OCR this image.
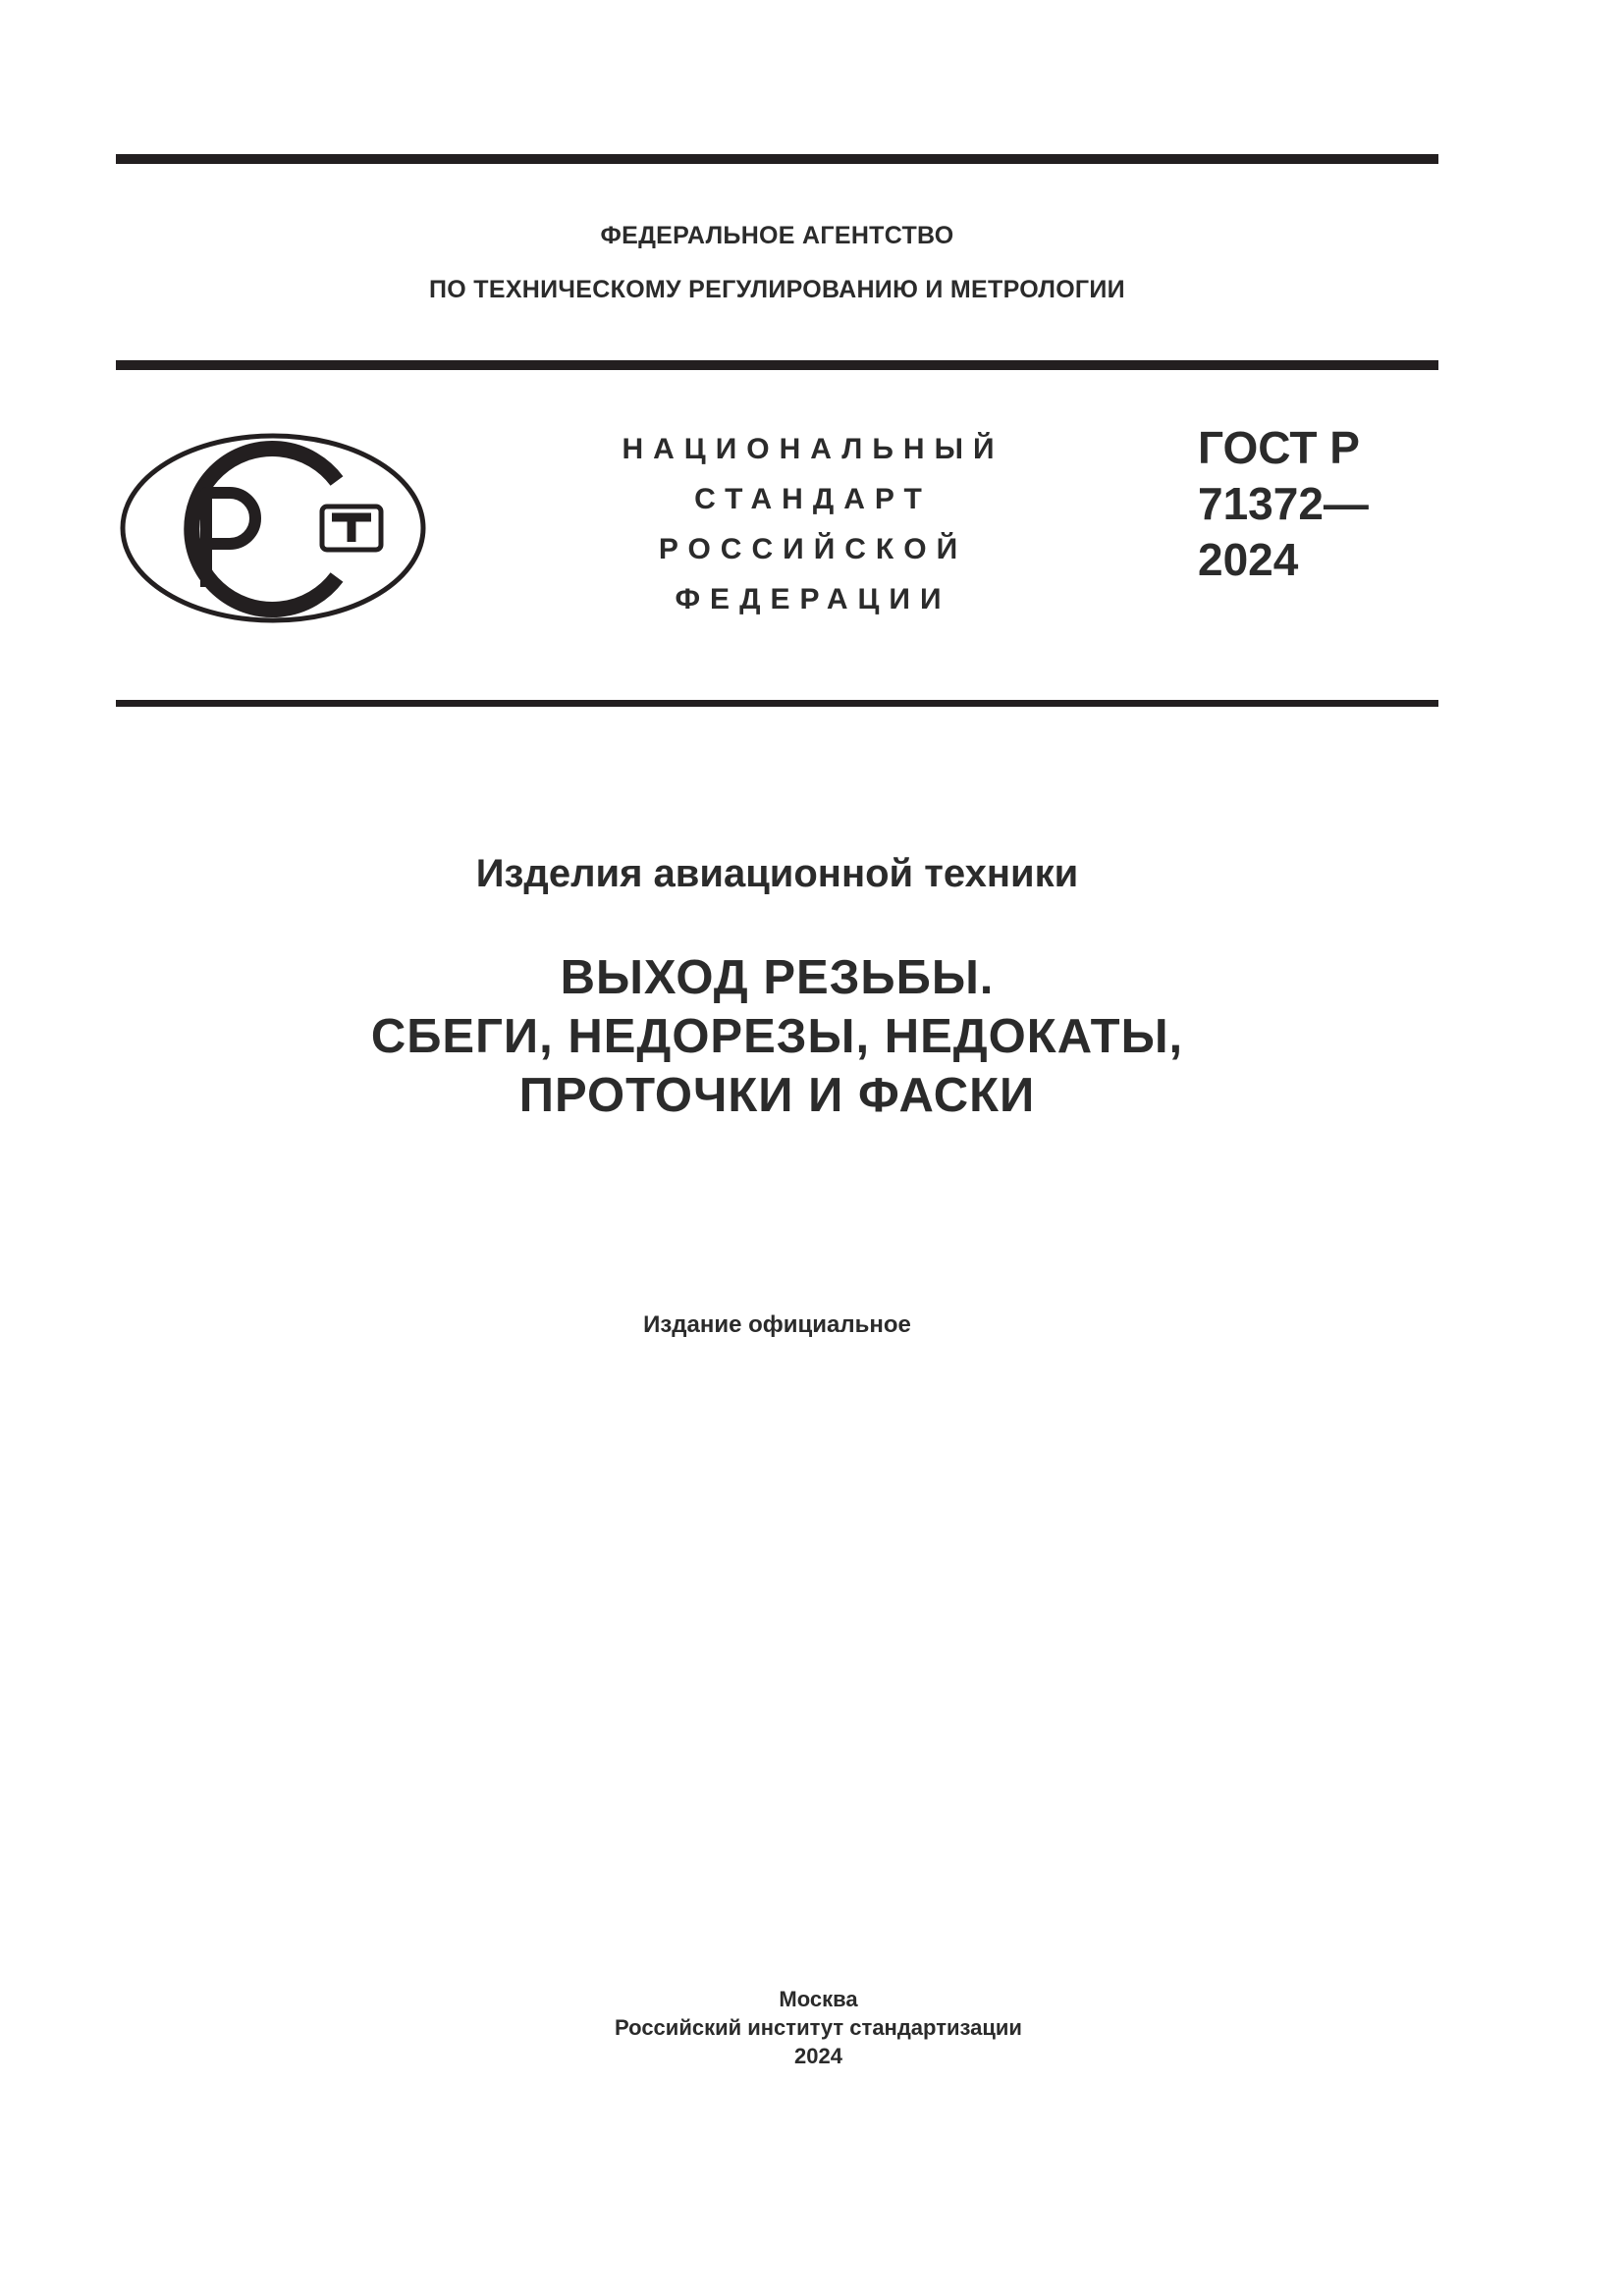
ФЕДЕРАЛЬНОЕ АГЕНТСТВО
ПО ТЕХНИЧЕСКОМУ РЕГУЛИРОВАНИЮ И МЕТРОЛОГИИ
НАЦИОНАЛЬНЫЙ
СТАНДАРТ
РОССИЙСКОЙ
ФЕДЕРАЦИИ
ГОСТ Р
71372—
2024
Изделия авиационной техники
ВЫХОД РЕЗЬБЫ.
СБЕГИ, НЕДОРЕЗЫ, НЕДОКАТЫ,
ПРОТОЧКИ И ФАСКИ
Издание официальное
Москва
Российский институт стандартизации
2024
